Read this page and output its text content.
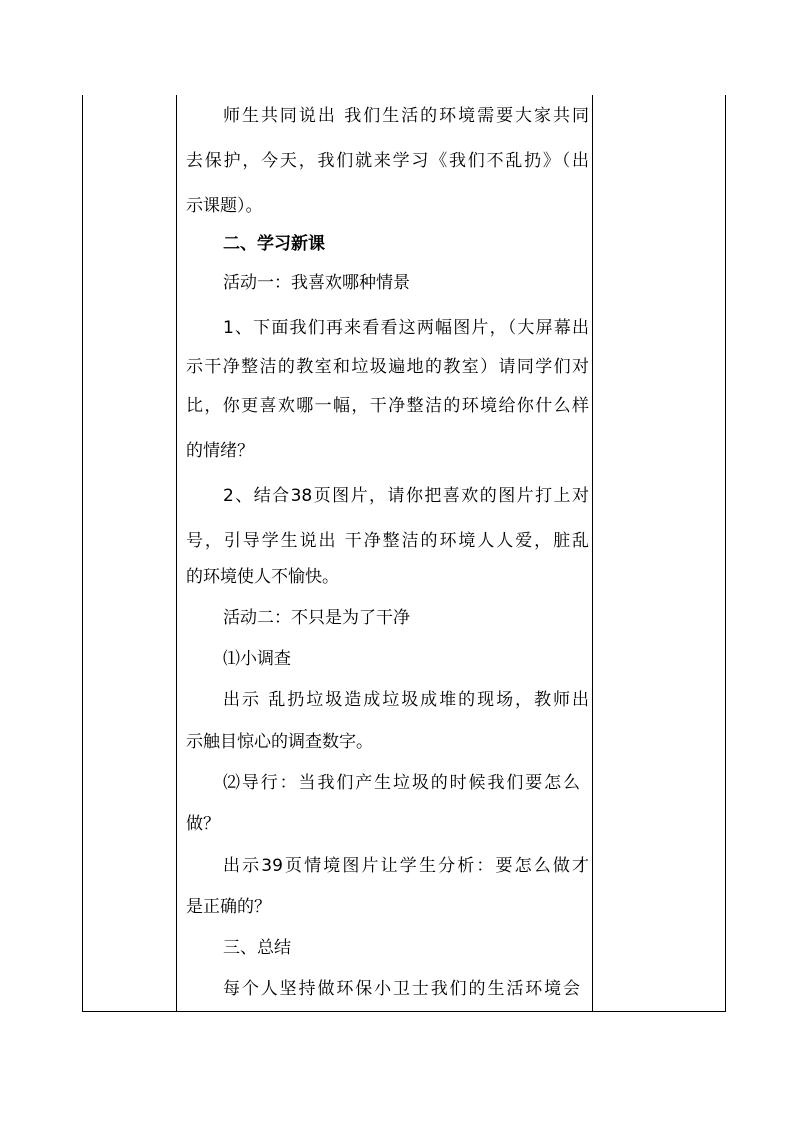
师生共同说出 我们生活的环境需要大家共同
去保护，今天，我们就来学习《我们不乱扔》（出
示课题）。
二、学习新课
活动一：我喜欢哪种情景
1、下面我们再来看看这两幅图片，（大屏幕出
示干净整洁的教室和垃圾遍地的教室）请同学们对
比，你更喜欢哪一幅，干净整洁的环境给你什么样
的情绪？
2、结合38页图片，请你把喜欢的图片打上对
号，引导学生说出 干净整洁的环境人人爱，脏乱
的环境使人不愉快。
活动二：不只是为了干净
⑴小调查
出示 乱扔垃圾造成垃圾成堆的现场，教师出
示触目惊心的调查数字。
⑵导行：当我们产生垃圾的时候我们要怎么
做？
出示39页情境图片让学生分析：要怎么做才
是正确的？
三、总结
每个人坚持做环保小卫士我们的生活环境会
